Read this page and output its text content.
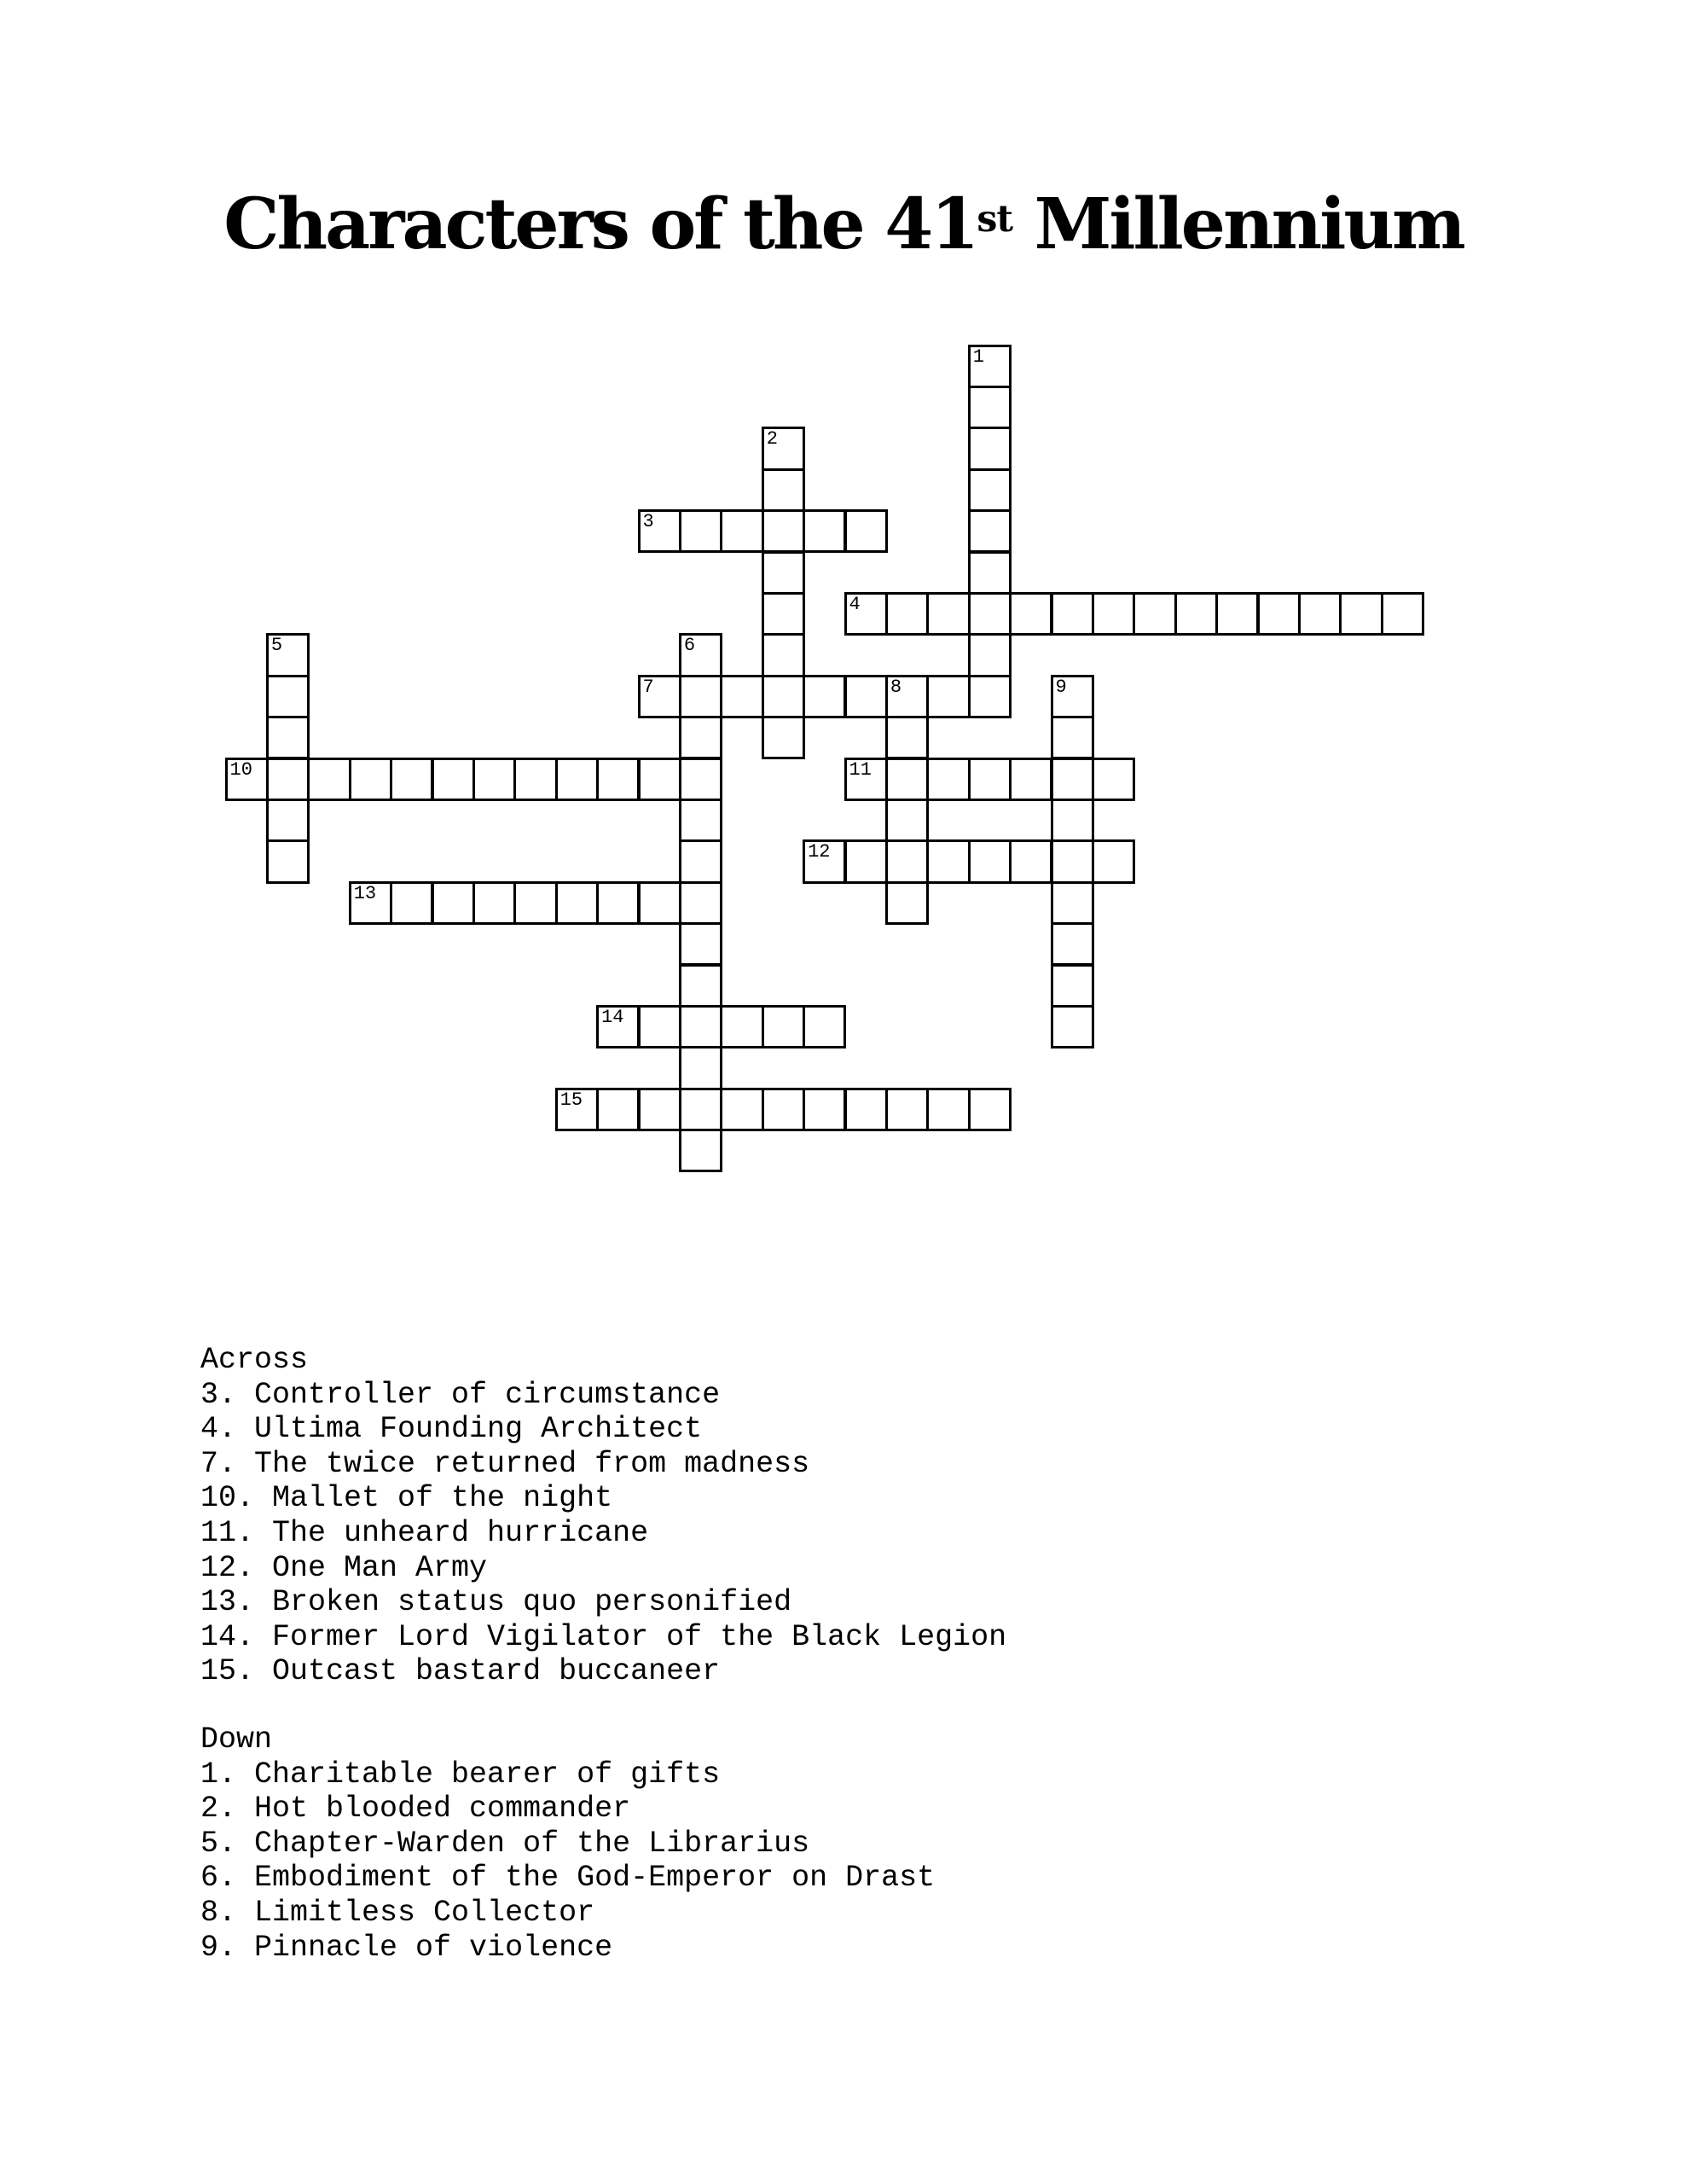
Characters of the 41st Millennium
3
4
7	8
10	11
12
13
14
15
1
2
5	6
9
Across
3. Controller of circumstance
4. Ultima Founding Architect
7. The twice returned from madness
10. Mallet of the night
11. The unheard hurricane
12. One Man Army
13. Broken status quo personified
14. Former Lord Vigilator of the Black Legion
15. Outcast bastard buccaneer
Down
1. Charitable bearer of gifts
2. Hot blooded commander
5. Chapter-Warden of the Librarius
6. Embodiment of the God-Emperor on Drast
8. Limitless Collector
9. Pinnacle of violence
